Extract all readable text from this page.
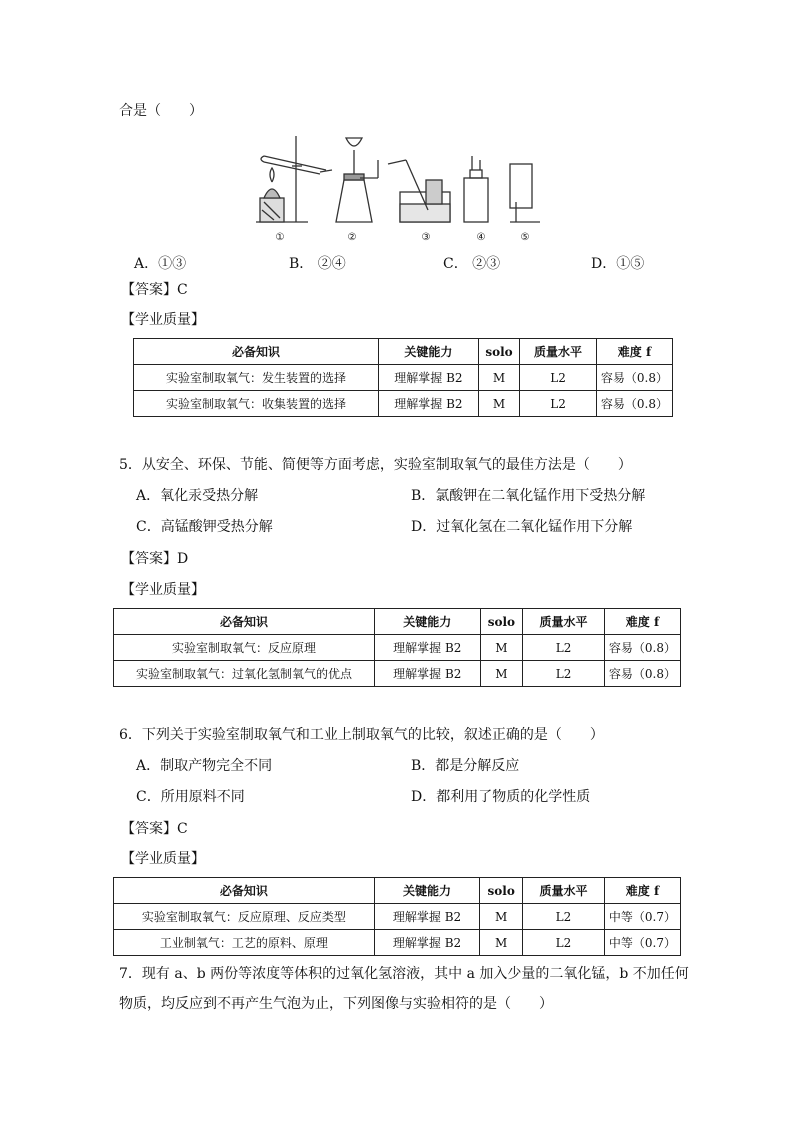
合是（　　）
①	②	③	④	⑤
A．①③	B． ②④	C． ②③	D．①⑤
【答案】C
【学业质量】
必备知识	关键能力	solo	质量水平	难度 f
实验室制取氧气：发生装置的选择	理解掌握 B2	M	L2	容易（0.8）
实验室制取氧气：收集装置的选择	理解掌握 B2	M	L2	容易（0.8）
5．从安全、环保、节能、简便等方面考虑，实验室制取氧气的最佳方法是（　　）
A．氧化汞受热分解	B．氯酸钾在二氧化锰作用下受热分解
C．高锰酸钾受热分解	D．过氧化氢在二氧化锰作用下分解
【答案】D
【学业质量】
必备知识	关键能力	solo	质量水平	难度 f
实验室制取氧气：反应原理	理解掌握 B2	M	L2	容易（0.8）
实验室制取氧气：过氧化氢制氧气的优点	理解掌握 B2	M	L2	容易（0.8）
6．下列关于实验室制取氧气和工业上制取氧气的比较，叙述正确的是（　　）
A．制取产物完全不同	B．都是分解反应
C．所用原料不同	D．都利用了物质的化学性质
【答案】C
【学业质量】
必备知识	关键能力	solo	质量水平	难度 f
实验室制取氧气：反应原理、反应类型	理解掌握 B2	M	L2	中等（0.7）
工业制氧气：工艺的原料、原理	理解掌握 B2	M	L2	中等（0.7）
7．现有 a、b 两份等浓度等体积的过氧化氢溶液，其中 a 加入少量的二氧化锰，b 不加任何
物质，均反应到不再产生气泡为止，下列图像与实验相符的是（　　）
